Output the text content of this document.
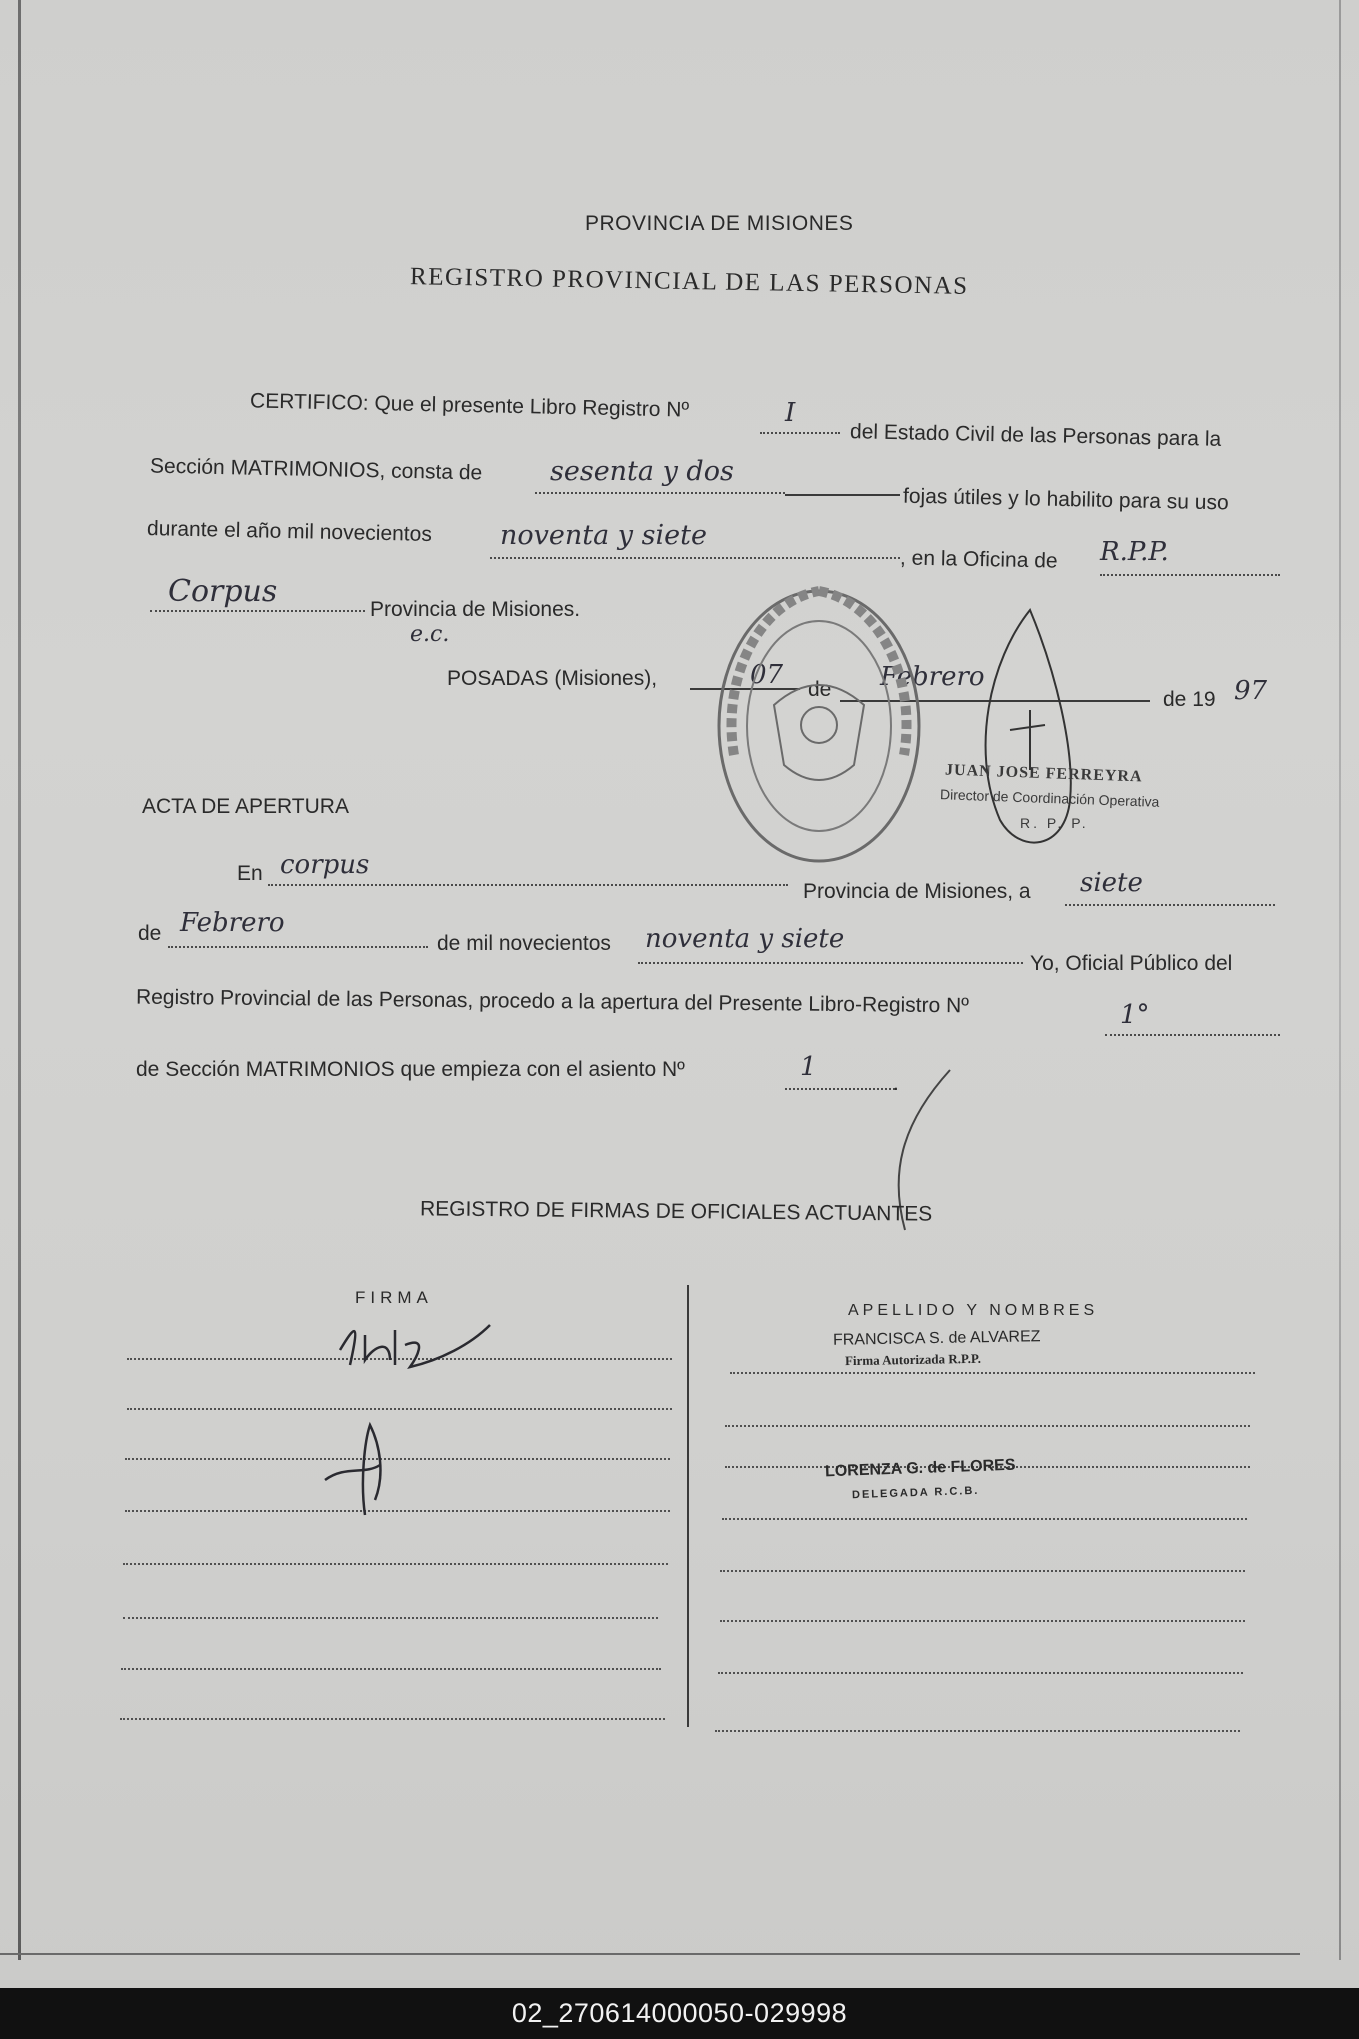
PROVINCIA DE MISIONES
REGISTRO PROVINCIAL DE LAS PERSONAS
CERTIFICO: Que el presente Libro Registro Nº	I
del Estado Civil de las Personas para la
Sección MATRIMONIOS, consta de	sesenta y dos
fojas útiles y lo habilito para su uso
durante el año mil novecientos	noventa y siete
, en la Oficina de R.P.P.
Corpus
Provincia de Misiones.
e.c.
POSADAS (Misiones),	07 de Febrero
de 19 97
JUAN JOSE FERREYRA
Director de Coordinación Operativa
R. P. P.
ACTA DE APERTURA
En corpus
Provincia de Misiones, a siete
de Febrero
de mil novecientos noventa y siete
Yo, Oficial Público del
Registro Provincial de las Personas, procedo a la apertura del Presente Libro-Registro Nº	1°
de Sección MATRIMONIOS que empieza con el asiento Nº	1
.
REGISTRO DE FIRMAS DE OFICIALES ACTUANTES
FIRMA
APELLIDO Y NOMBRES
FRANCISCA S. de ALVAREZ
Firma Autorizada R.P.P.
LORENZA G. de FLORES
DELEGADA R.C.B.
02_270614000050-029998
